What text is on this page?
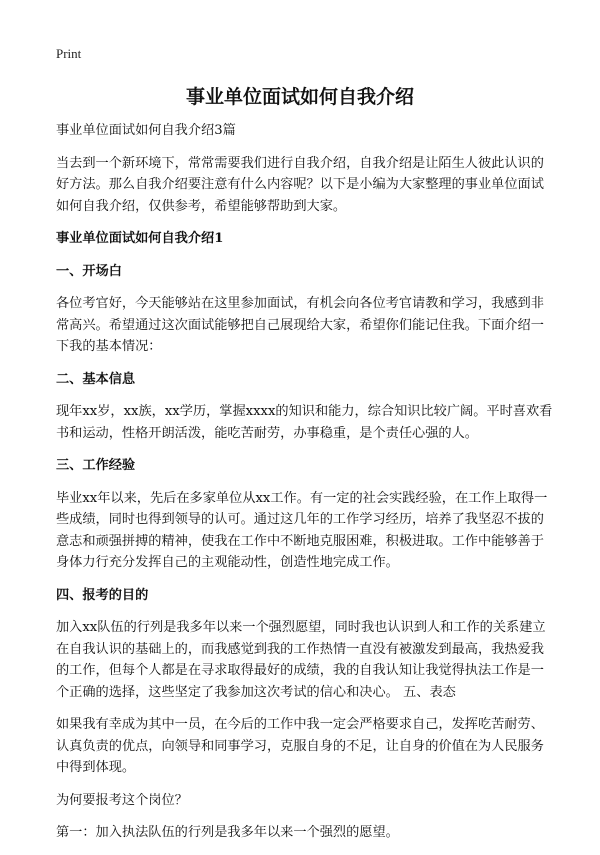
Print
事业单位面试如何自我介绍

事业单位面试如何自我介绍3篇

当去到一个新环境下，常常需要我们进行自我介绍，自我介绍是让陌生人彼此认识的好方法。那么自我介绍要注意有什么内容呢？以下是小编为大家整理的事业单位面试如何自我介绍，仅供参考，希望能够帮助到大家。

事业单位面试如何自我介绍1
一、开场白

各位考官好，今天能够站在这里参加面试，有机会向各位考官请教和学习，我感到非常高兴。希望通过这次面试能够把自己展现给大家，希望你们能记住我。下面介绍一下我的基本情况：

二、基本信息

现年xx岁，xx族，xx学历，掌握xxxx的知识和能力，综合知识比较广阔。平时喜欢看书和运动，性格开朗活泼，能吃苦耐劳，办事稳重，是个责任心强的人。

三、工作经验

毕业xx年以来，先后在多家单位从xx工作。有一定的社会实践经验，在工作上取得一些成绩，同时也得到领导的认可。通过这几年的工作学习经历，培养了我坚忍不拔的意志和顽强拼搏的精神，使我在工作中不断地克服困难，积极进取。工作中能够善于身体力行充分发挥自己的主观能动性，创造性地完成工作。

四、报考的目的

加入xx队伍的行列是我多年以来一个强烈愿望，同时我也认识到人和工作的关系建立在自我认识的基础上的，而我感觉到我的工作热情一直没有被激发到最高，我热爱我的工作，但每个人都是在寻求取得最好的成绩，我的自我认知让我觉得执法工作是一个正确的选择，这些坚定了我参加这次考试的信心和决心。 五、表态

如果我有幸成为其中一员，在今后的工作中我一定会严格要求自己，发挥吃苦耐劳、认真负责的优点，向领导和同事学习，克服自身的不足，让自身的价值在为人民服务中得到体现。

为何要报考这个岗位？

第一：加入执法队伍的行列是我多年以来一个强烈的愿望。
